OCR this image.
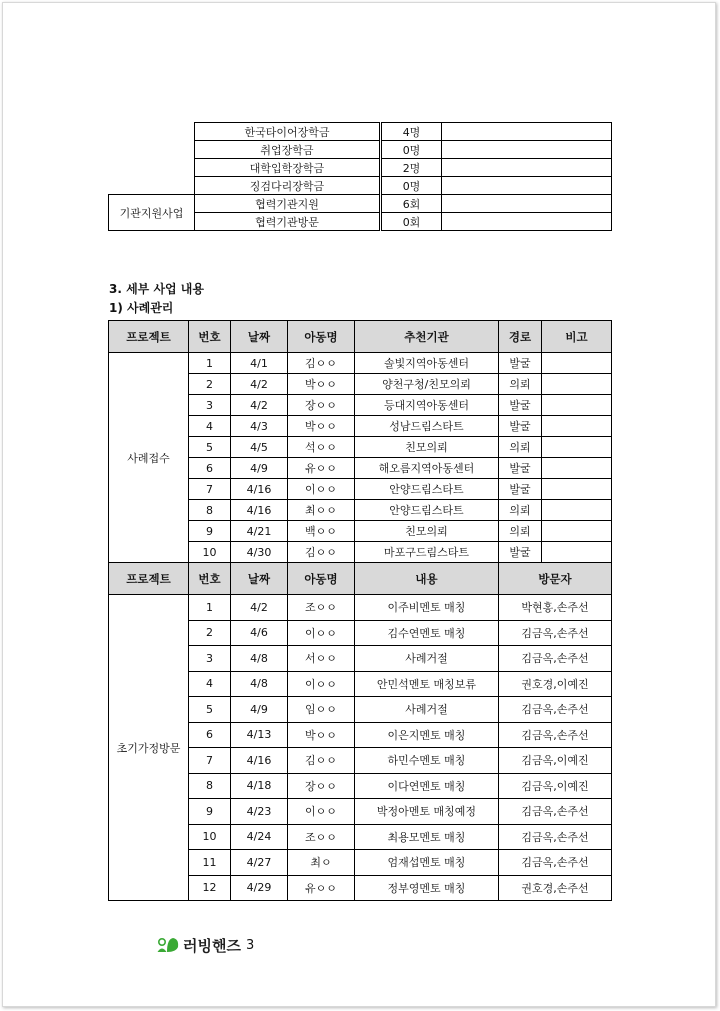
	한국타이어장학금	4명	
	취업장학금	0명	
	대학입학장학금	2명	
	징검다리장학금	0명	
기관지원사업	협력기관지원	6회	
	협력기관방문	0회	
3. 세부 사업 내용
1) 사례관리
프로젝트	번호	날짜	아동명	추천기관	경로	비고
사례접수	1	4/1	김ㅇㅇ	솔빛지역아동센터	발굴	
	2	4/2	박ㅇㅇ	양천구청/친모의뢰	의뢰	
	3	4/2	장ㅇㅇ	등대지역아동센터	발굴	
	4	4/3	박ㅇㅇ	성남드림스타트	발굴	
	5	4/5	석ㅇㅇ	친모의뢰	의뢰	
	6	4/9	유ㅇㅇ	해오름지역아동센터	발굴	
	7	4/16	이ㅇㅇ	안양드림스타트	발굴	
	8	4/16	최ㅇㅇ	안양드림스타트	의뢰	
	9	4/21	백ㅇㅇ	친모의뢰	의뢰	
	10	4/30	김ㅇㅇ	마포구드림스타트	발굴	
프로젝트	번호	날짜	아동명	내용	방문자	
초기가정방문	1	4/2	조ㅇㅇ	이주비멘토 매칭	박현홍,손주선	
	2	4/6	이ㅇㅇ	김수연멘토 매칭	김금옥,손주선	
	3	4/8	서ㅇㅇ	사례거절	김금옥,손주선	
	4	4/8	이ㅇㅇ	안민석멘토 매칭보류	권호경,이예진	
	5	4/9	임ㅇㅇ	사례거절	김금옥,손주선	
	6	4/13	박ㅇㅇ	이은지멘토 매칭	김금옥,손주선	
	7	4/16	김ㅇㅇ	하민수멘토 매칭	김금옥,이예진	
	8	4/18	장ㅇㅇ	이다연멘토 매칭	김금옥,이예진	
	9	4/23	이ㅇㅇ	박정아멘토 매칭예정	김금옥,손주선	
	10	4/24	조ㅇㅇ	최용모멘토 매칭	김금옥,손주선	
	11	4/27	최ㅇ	엄재섭멘토 매칭	김금옥,손주선	
	12	4/29	유ㅇㅇ	정부영멘토 매칭	권호경,손주선	
러빙핸즈 3
